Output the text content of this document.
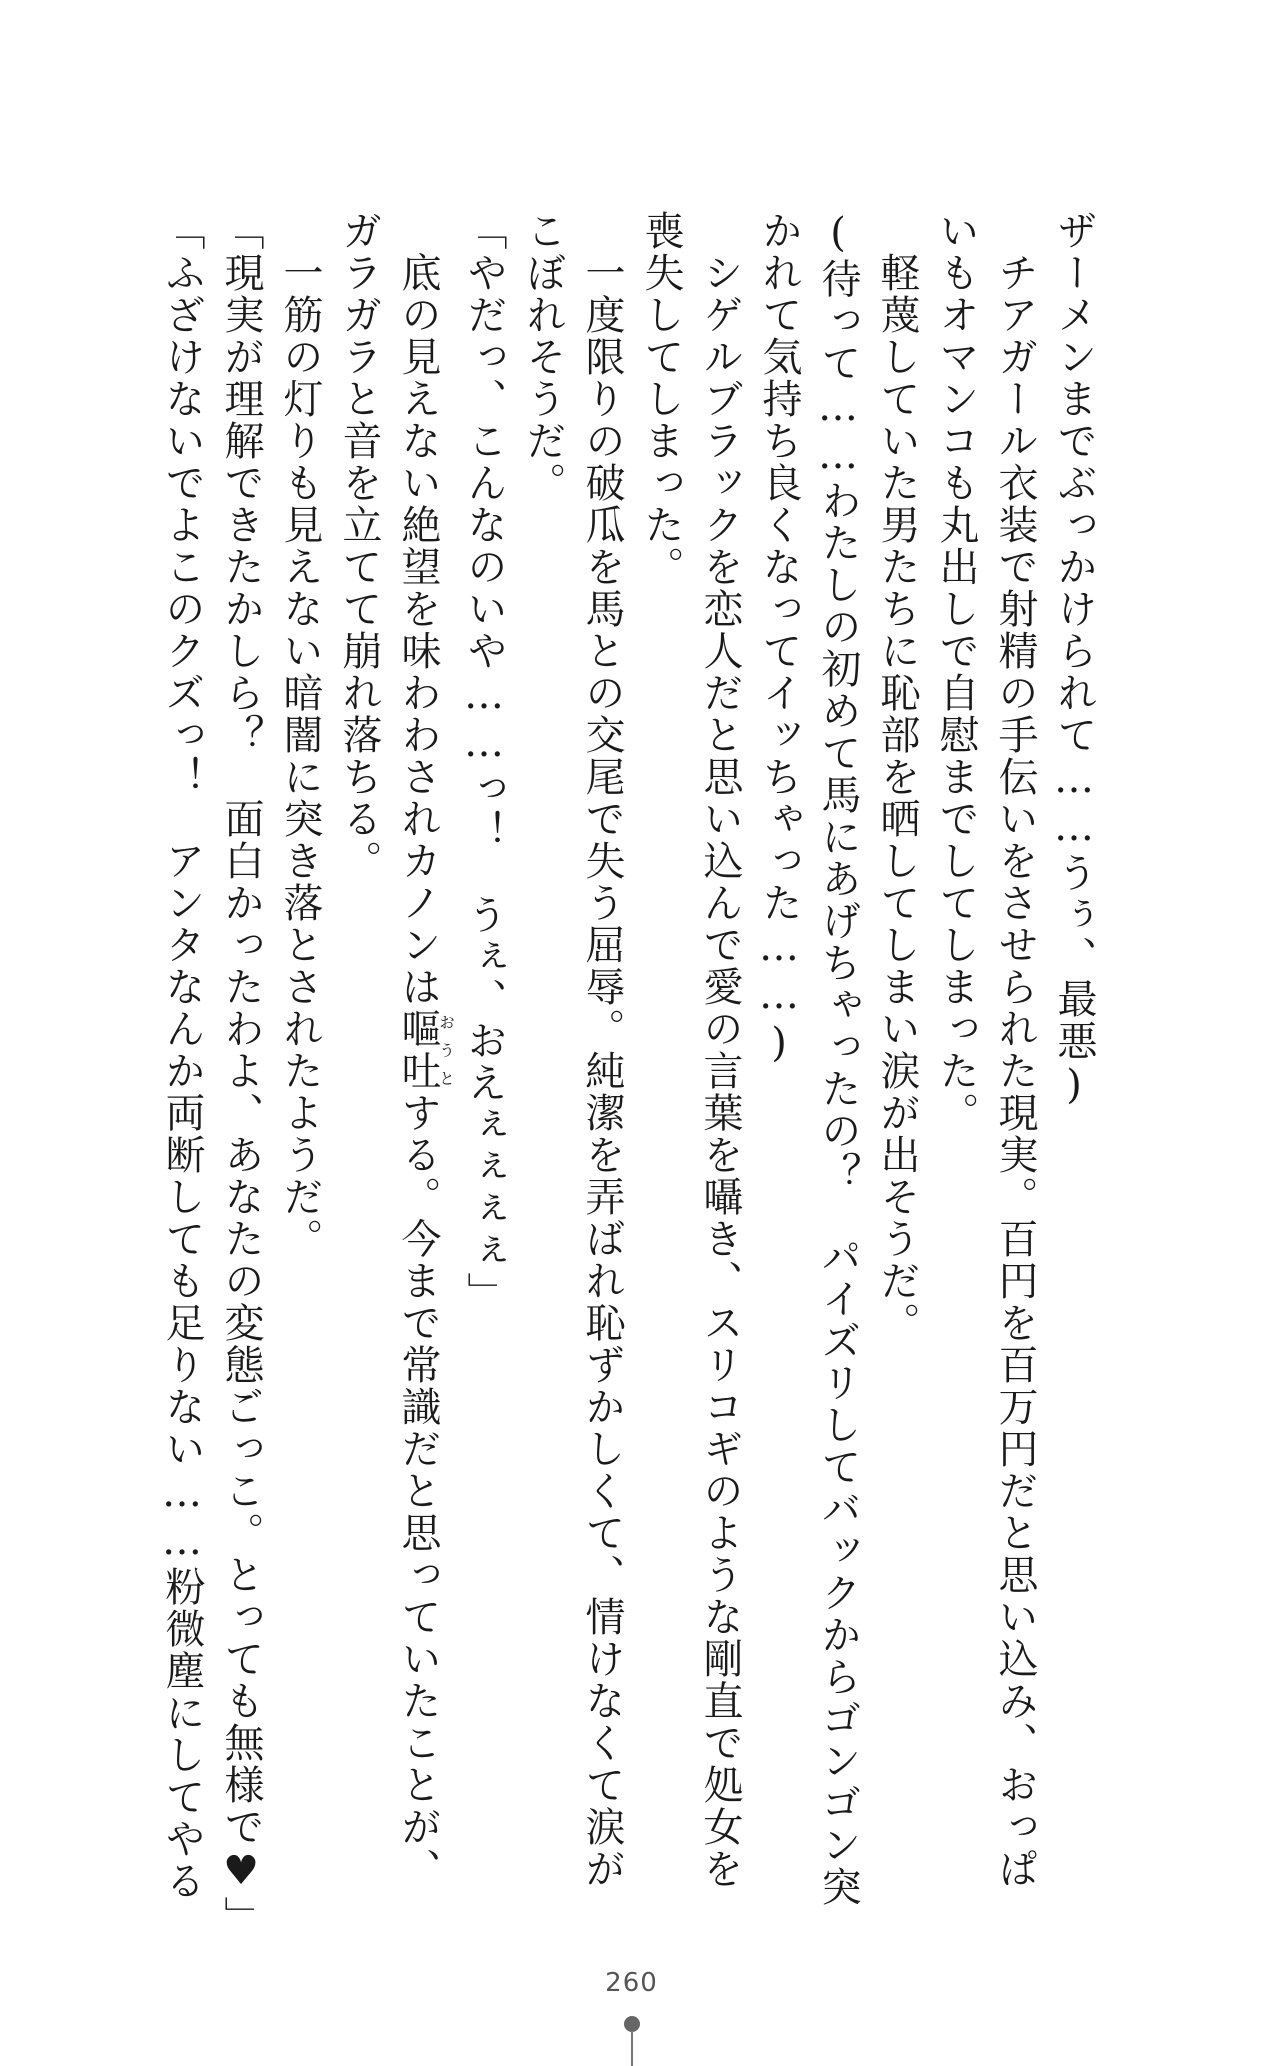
ザーメンまでぶっかけられて……うぅ、最悪)
　チアガール衣装で射精の手伝いをさせられた現実。百円を百万円だと思い込み、おっぱ
いもオマンコも丸出しで自慰までしてしまった。
　軽蔑していた男たちに恥部を晒してしまい涙が出そうだ。
(待って……わたしの初めて馬にあげちゃったの？　パイズリしてバックからゴンゴン突
かれて気持ち良くなってイッちゃった……)
　シゲルブラックを恋人だと思い込んで愛の言葉を囁き、スリコギのような剛直で処女を
喪失してしまった。
　一度限りの破瓜を馬との交尾で失う屈辱。純潔を弄ばれ恥ずかしくて、情けなくて涙が
こぼれそうだ。
「やだっ、こんなのいや……っ！　うぇ、おえぇぇぇぇ」
　底の見えない絶望を味わわされカノンは嘔吐おうとする。今まで常識だと思っていたことが、
ガラガラと音を立てて崩れ落ちる。
　一筋の灯りも見えない暗闇に突き落とされたようだ。
「現実が理解できたかしら？　面白かったわよ、あなたの変態ごっこ。とっても無様で♥」
「ふざけないでよこのクズっ！　アンタなんか両断しても足りない……粉微塵にしてやる
260
